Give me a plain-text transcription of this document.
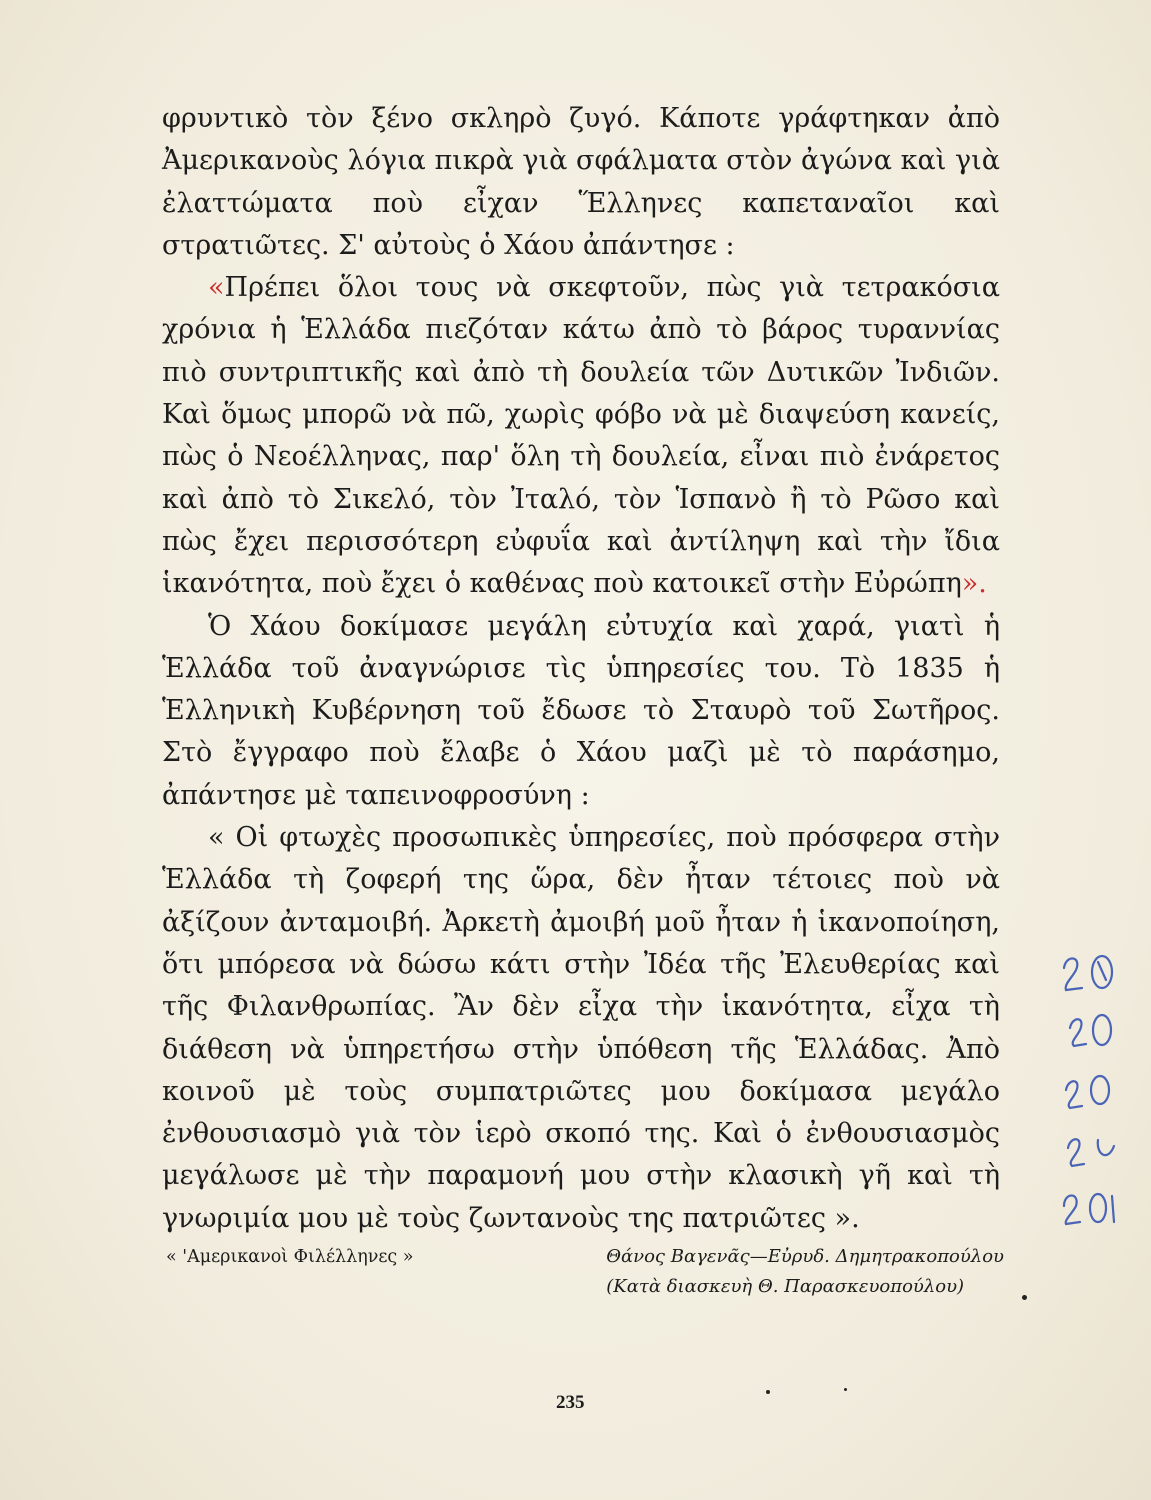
φρυντικὸ τὸν ξένο σκληρὸ ζυγό. Κάποτε γράφτηκαν ἀπὸ Ἀμερικανοὺς λόγια πικρὰ γιὰ σφάλματα στὸν ἀγώνα καὶ γιὰ ἐλαττώματα ποὺ εἶχαν Ἕλληνες καπεταναῖοι καὶ στρατιῶτες. Σ' αὐτοὺς ὁ Χάου ἀπάντησε :

«Πρέπει ὅλοι τους νὰ σκεφτοῦν, πὼς γιὰ τετρακόσια χρόνια ἡ Ἑλλάδα πιεζόταν κάτω ἀπὸ τὸ βάρος τυραννίας πιὸ συντριπτικῆς καὶ ἀπὸ τὴ δουλεία τῶν Δυτικῶν Ἰνδιῶν. Καὶ ὅμως μπορῶ νὰ πῶ, χωρὶς φόβο νὰ μὲ διαψεύση κανείς, πὼς ὁ Νεοέλληνας, παρ' ὅλη τὴ δουλεία, εἶναι πιὸ ἐνάρετος καὶ ἀπὸ τὸ Σικελό, τὸν Ἰταλό, τὸν Ἱσπανὸ ἢ τὸ Ρῶσο καὶ πὼς ἔχει περισσότερη εὐφυΐα καὶ ἀντίληψη καὶ τὴν ἴδια ἱκανότητα, ποὺ ἔχει ὁ καθένας ποὺ κατοικεῖ στὴν Εὐρώπη».

Ὁ Χάου δοκίμασε μεγάλη εὐτυχία καὶ χαρά, γιατὶ ἡ Ἑλλάδα τοῦ ἀναγνώρισε τὶς ὑπηρεσίες του. Τὸ 1835 ἡ Ἑλληνικὴ Κυβέρνηση τοῦ ἔδωσε τὸ Σταυρὸ τοῦ Σωτῆρος. Στὸ ἔγγραφο ποὺ ἔλαβε ὁ Χάου μαζὶ μὲ τὸ παράσημο, ἀπάντησε μὲ ταπεινοφροσύνη :

« Οἱ φτωχὲς προσωπικὲς ὑπηρεσίες, ποὺ πρόσφερα στὴν Ἑλλάδα τὴ ζοφερή της ὥρα, δὲν ἦταν τέτοιες ποὺ νὰ ἀξίζουν ἀνταμοιβή. Ἀρκετὴ ἀμοιβή μοῦ ἦταν ἡ ἱκανοποίηση, ὅτι μπόρεσα νὰ δώσω κάτι στὴν Ἰδέα τῆς Ἐλευθερίας καὶ τῆς Φιλανθρωπίας. Ἂν δὲν εἶχα τὴν ἱκανότητα, εἶχα τὴ διάθεση νὰ ὑπηρετήσω στὴν ὑπόθεση τῆς Ἑλλάδας. Ἀπὸ κοινοῦ μὲ τοὺς συμπατριῶτες μου δοκίμασα μεγάλο ἐνθουσιασμὸ γιὰ τὸν ἱερὸ σκοπό της. Καὶ ὁ ἐνθουσιασμὸς μεγάλωσε μὲ τὴν παραμονή μου στὴν κλασικὴ γῆ καὶ τὴ γνωριμία μου μὲ τοὺς ζωντανοὺς της πατριῶτες ».

« 'Αμερικανοὶ Φιλέλληνες »	Θάνος Βαγενᾶς—Εὐρυδ. Δημητρακοπούλου
(Κατὰ διασκευὴ Θ. Παρασκευοπούλου)
235
